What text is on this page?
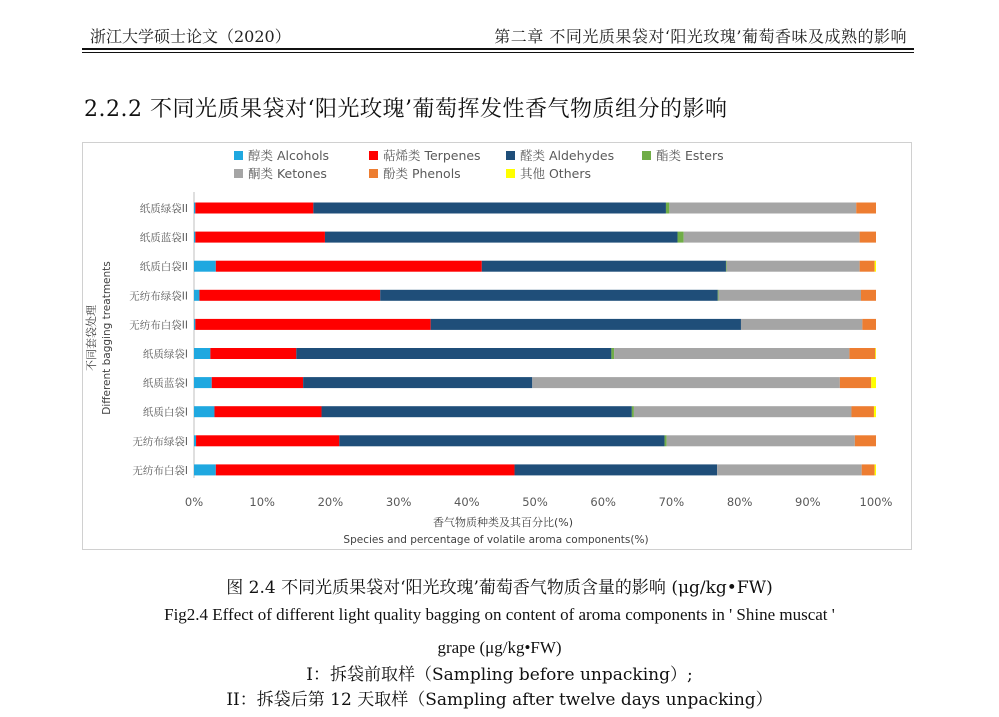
浙江大学硕士论文（2020）	第二章 不同光质果袋对‘阳光玫瑰’葡萄香味及成熟的影响
2.2.2 不同光质果袋对‘阳光玫瑰’葡萄挥发性香气物质组分的影响
醇类 Alcohols	萜烯类 Terpenes	醛类 Aldehydes	酯类 Esters
酮类 Ketones	酚类 Phenols	其他 Others
纸质绿袋II
纸质蓝袋II
纸质白袋II
无纺布绿袋II
无纺布白袋II
纸质绿袋I
纸质蓝袋I
纸质白袋I
无纺布绿袋I
无纺布白袋I
0%	10%	20%	30%	40%	50%	60%	70%	80%	90%	100%
香气物质种类及其百分比(%)
Species and percentage of volatile aroma components(%)
不同套袋处理 Different bagging treatments
图 2.4 不同光质果袋对‘阳光玫瑰’葡萄香气物质含量的影响 (μg/kg•FW)
Fig2.4 Effect of different light quality bagging on content of aroma components in ' Shine muscat '
grape (μg/kg•FW)
I：拆袋前取样（Sampling before unpacking）;
II：拆袋后第 12 天取样（Sampling after twelve days unpacking）
